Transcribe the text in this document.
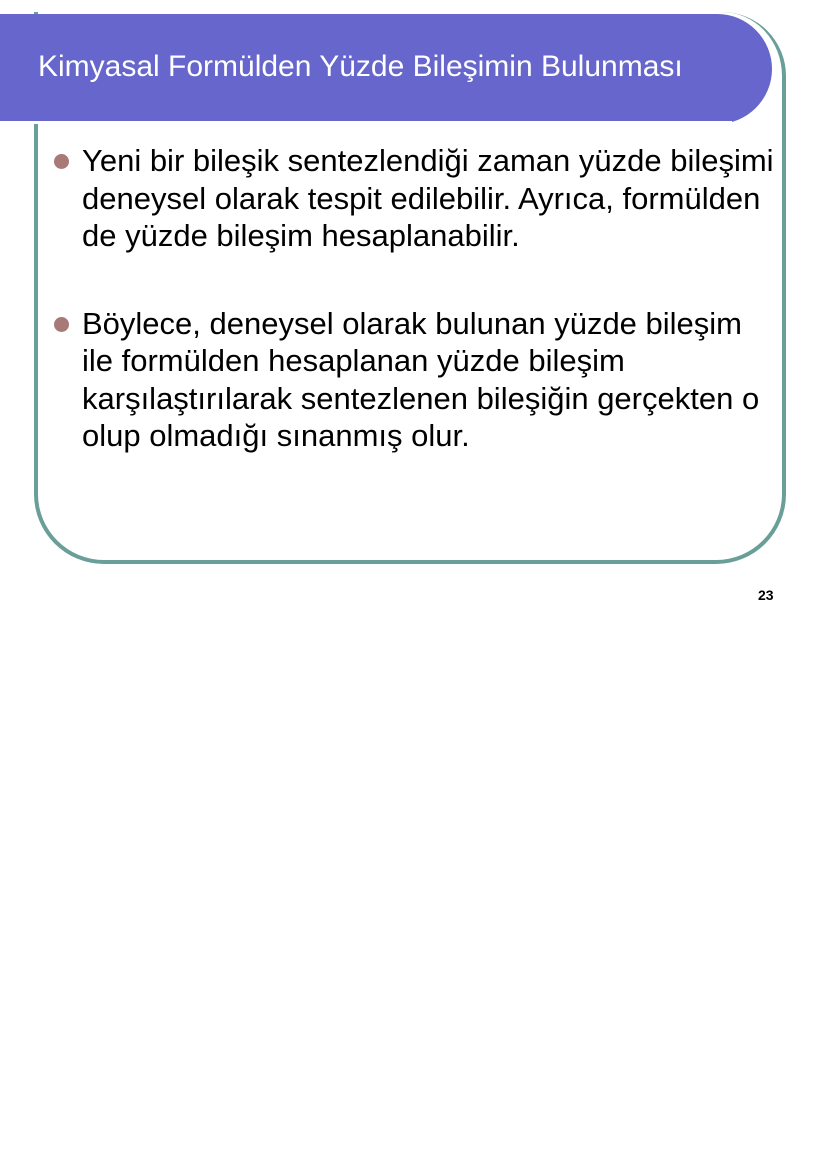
Kimyasal Formülden Yüzde Bileşimin Bulunması
Yeni bir bileşik sentezlendiği zaman yüzde bileşimi deneysel olarak tespit edilebilir. Ayrıca, formülden de yüzde bileşim hesaplanabilir.
Böylece, deneysel olarak bulunan yüzde bileşim ile formülden hesaplanan yüzde bileşim karşılaştırılarak sentezlenen bileşiğin gerçekten o olup olmadığı sınanmış olur.
23
